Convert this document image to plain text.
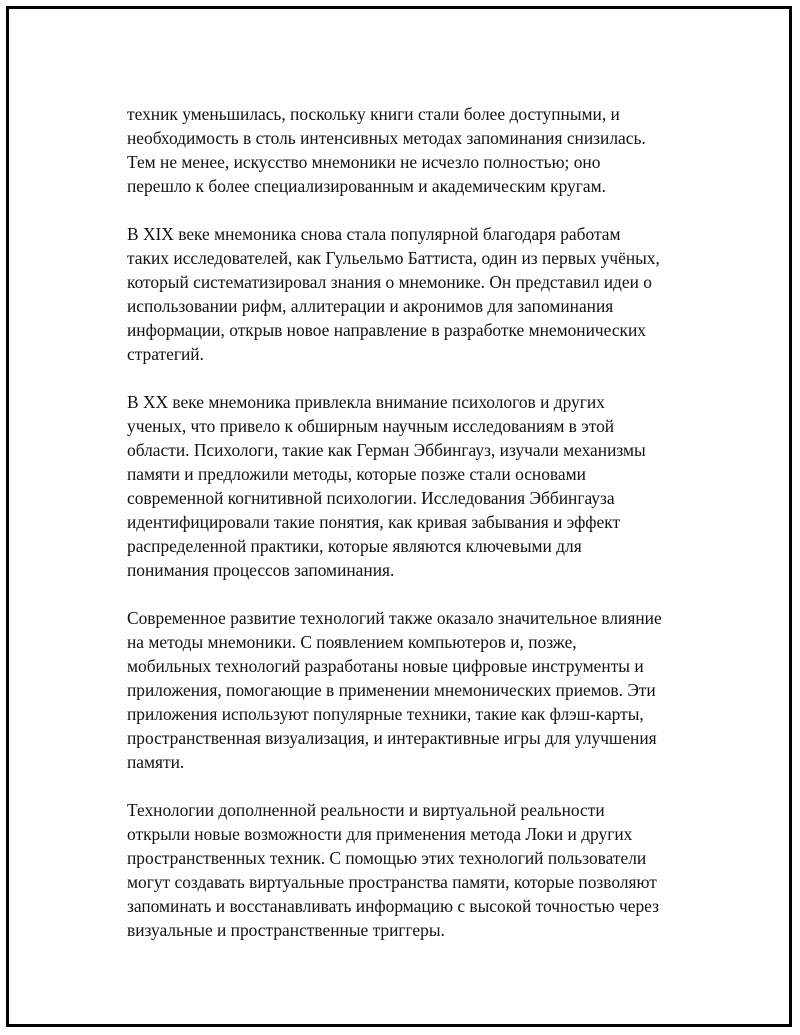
техник уменьшилась, поскольку книги стали более доступными, и
необходимость в столь интенсивных методах запоминания снизилась.
Тем не менее, искусство мнемоники не исчезло полностью; оно
перешло к более специализированным и академическим кругам.

В XIX веке мнемоника снова стала популярной благодаря работам
таких исследователей, как Гульельмо Баттиста, один из первых учёных,
который систематизировал знания о мнемонике. Он представил идеи о
использовании рифм, аллитерации и акронимов для запоминания
информации, открыв новое направление в разработке мнемонических
стратегий.

В XX веке мнемоника привлекла внимание психологов и других
ученых, что привело к обширным научным исследованиям в этой
области. Психологи, такие как Герман Эббингауз, изучали механизмы
памяти и предложили методы, которые позже стали основами
современной когнитивной психологии. Исследования Эббингауза
идентифицировали такие понятия, как кривая забывания и эффект
распределенной практики, которые являются ключевыми для
понимания процессов запоминания.

Современное развитие технологий также оказало значительное влияние
на методы мнемоники. С появлением компьютеров и, позже,
мобильных технологий разработаны новые цифровые инструменты и
приложения, помогающие в применении мнемонических приемов. Эти
приложения используют популярные техники, такие как флэш-карты,
пространственная визуализация, и интерактивные игры для улучшения
памяти.

Технологии дополненной реальности и виртуальной реальности
открыли новые возможности для применения метода Локи и других
пространственных техник. С помощью этих технологий пользователи
могут создавать виртуальные пространства памяти, которые позволяют
запоминать и восстанавливать информацию с высокой точностью через
визуальные и пространственные триггеры.
